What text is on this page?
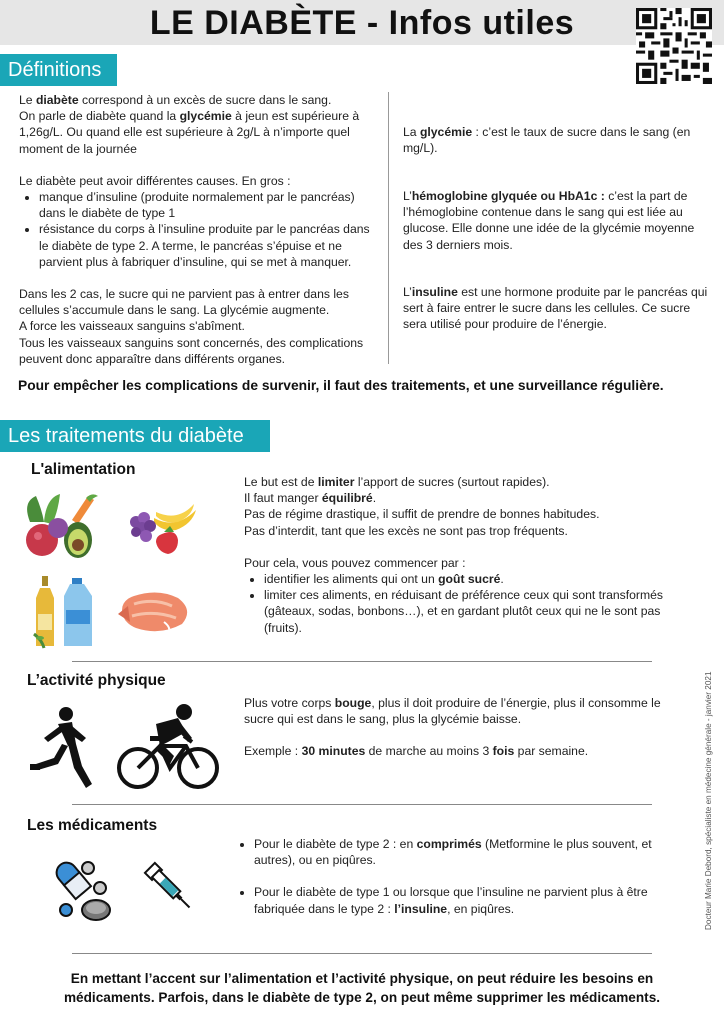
LE DIABÈTE - Infos utiles
Définitions

Le diabète correspond à un excès de sucre dans le sang.

On parle de diabète quand la glycémie à jeun est supérieure à 1,26g/L. Ou quand elle est supérieure à 2g/L à n’importe quel moment de la journée

Le diabète peut avoir différentes causes. En gros :

• manque d’insuline (produite normalement par le pancréas) dans le diabète de type 1
• résistance du corps à l’insuline produite par le pancréas dans le diabète de type 2. A terme, le pancréas s’épuise et ne parvient plus à fabriquer d’insuline, qui se met à manquer.

Dans les 2 cas, le sucre qui ne parvient pas à entrer dans les cellules s’accumule dans le sang. La glycémie augmente.

A force les vaisseaux sanguins s'abîment.

Tous les vaisseaux sanguins sont concernés, des complications peuvent donc apparaître dans différents organes.

La glycémie : c’est le taux de sucre dans le sang (en mg/L).

L’hémoglobine glyquée ou HbA1c : c’est la part de l’hémoglobine contenue dans le sang qui est liée au glucose. Elle donne une idée de la glycémie moyenne des 3 derniers mois.

L’insuline est une hormone produite par le pancréas qui sert à faire entrer le sucre dans les cellules. Ce sucre sera utilisé pour produire de l’énergie.

Pour empêcher les complications de survenir, il faut des traitements, et une surveillance régulière.
Les traitements du diabète
L'alimentation

Le but est de limiter l’apport de sucres (surtout rapides).

Il faut manger équilibré.

Pas de régime drastique, il suffit de prendre de bonnes habitudes.

Pas d’interdit, tant que les excès ne sont pas trop fréquents.

Pour cela, vous pouvez commencer par :

• identifier les aliments qui ont un goût sucré.
• limiter ces aliments, en réduisant de préférence ceux qui sont transformés (gâteaux, sodas, bonbons…), et en gardant plutôt ceux qui ne le sont pas (fruits).
L’activité physique

Plus votre corps bouge, plus il doit produire de l’énergie, plus il consomme le sucre qui est dans le sang, plus la glycémie baisse.

Exemple : 30 minutes de marche au moins 3 fois par semaine.

Les médicaments
• Pour le diabète de type 2 : en comprimés (Metformine le plus souvent, et autres), ou en piqûres.
• Pour le diabète de type 1 ou lorsque que l’insuline ne parvient plus à être fabriquée dans le type 2 : l’insuline, en piqûres.
En mettant l’accent sur l’alimentation et l’activité physique, on peut réduire les besoins en médicaments. Parfois, dans le diabète de type 2, on peut même supprimer les médicaments.
Docteur Marie Debord, spécialiste en médecine générale - janvier 2021
